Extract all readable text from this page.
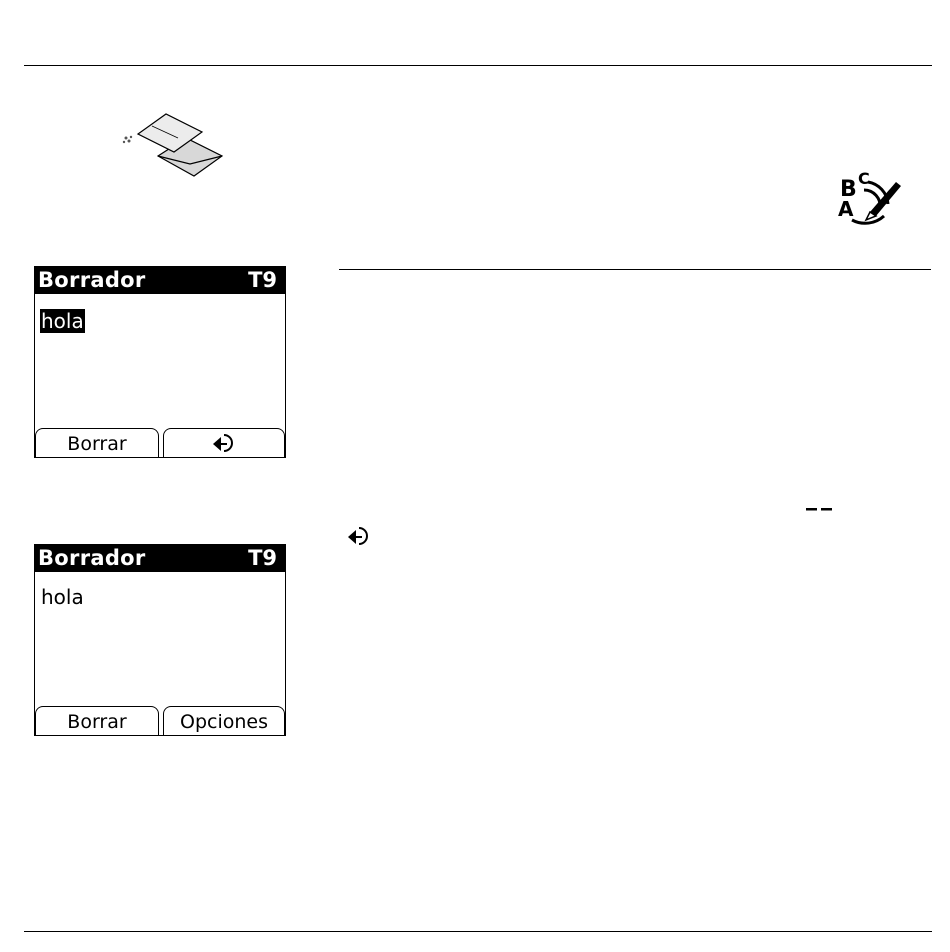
A
B C
Borrador	T9
hola
Borrar
Borrador	T9
hola
Borrar	Opciones
